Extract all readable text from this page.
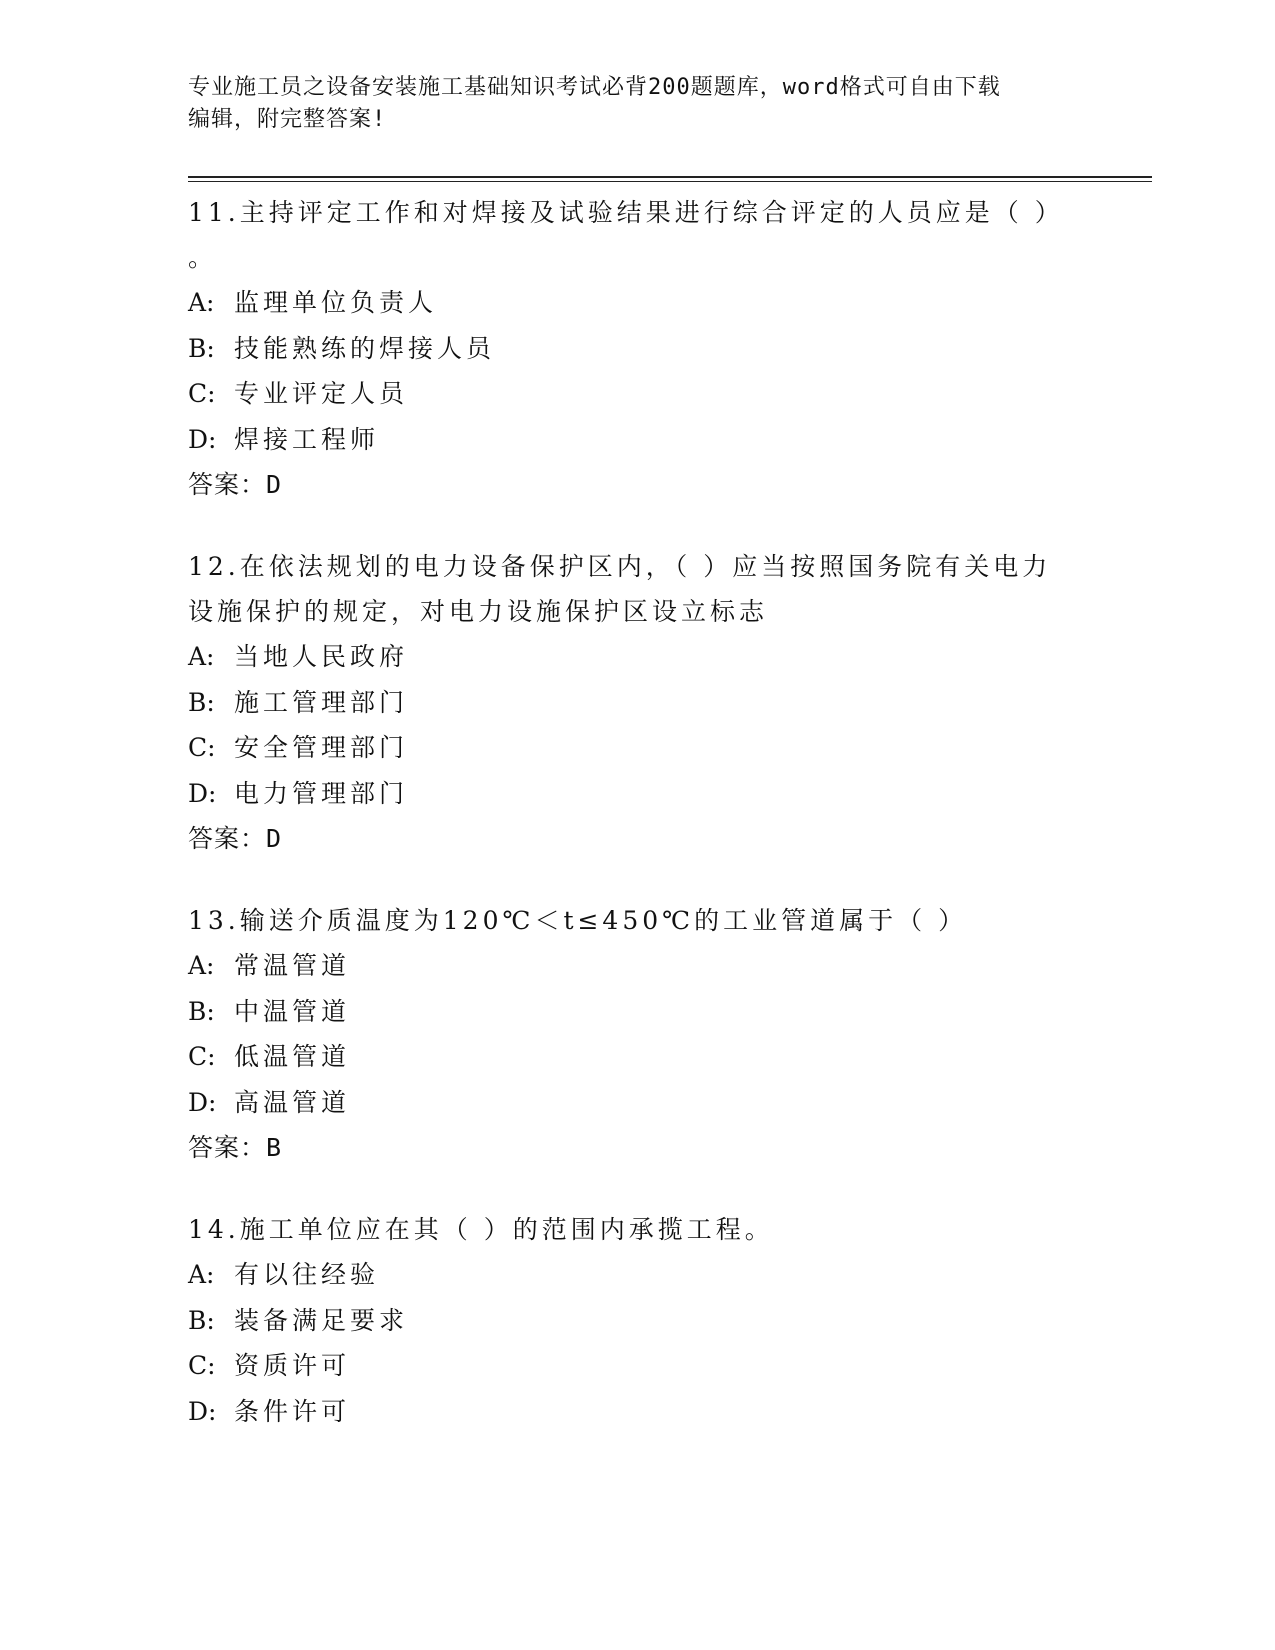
专业施工员之设备安装施工基础知识考试必背200题题库，word格式可自由下载
编辑，附完整答案!
11.主持评定工作和对焊接及试验结果进行综合评定的人员应是（ ）
。
A: 监理单位负责人
B: 技能熟练的焊接人员
C: 专业评定人员
D: 焊接工程师
答案：D
12.在依法规划的电力设备保护区内，（ ）应当按照国务院有关电力
设施保护的规定，对电力设施保护区设立标志
A: 当地人民政府
B: 施工管理部门
C: 安全管理部门
D: 电力管理部门
答案：D
13.输送介质温度为120℃＜t≤450℃的工业管道属于（ ）
A: 常温管道
B: 中温管道
C: 低温管道
D: 高温管道
答案：B
14.施工单位应在其（ ）的范围内承揽工程。
A: 有以往经验
B: 装备满足要求
C: 资质许可
D: 条件许可
